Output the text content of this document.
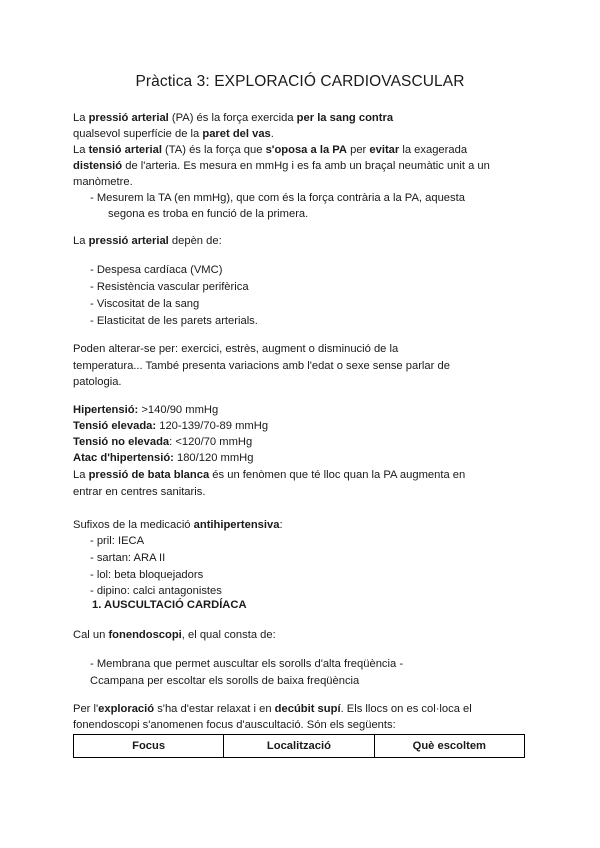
Pràctica 3: EXPLORACIÓ CARDIOVASCULAR
La pressió arterial (PA) és la força exercida per la sang contra
qualsevol superfície de la paret del vas.
La tensió arterial (TA) és la força que s'oposa a la PA per evitar la exagerada
distensió de l'arteria. Es mesura en mmHg i es fa amb un braçal neumàtic unit a un
manòmetre.
- Mesurem la TA (en mmHg), que com és la força contrària a la PA, aquesta
segona es troba en funció de la primera.
La pressió arterial depèn de:
- Despesa cardíaca (VMC)
- Resistència vascular perifèrica
- Viscositat de la sang
- Elasticitat de les parets arterials.
Poden alterar-se per: exercici, estrès, augment o disminució de la
temperatura... També presenta variacions amb l'edat o sexe sense parlar de
patologia.
Hipertensió: >140/90 mmHg
Tensió elevada: 120-139/70-89 mmHg
Tensió no elevada: <120/70 mmHg
Atac d'hipertensió: 180/120 mmHg
La pressió de bata blanca és un fenòmen que té lloc quan la PA augmenta en
entrar en centres sanitaris.
Sufixos de la medicació antihipertensiva:
- pril: IECA
- sartan: ARA II
- lol: beta bloquejadors
- dipino: calci antagonistes
1. AUSCULTACIÓ CARDÍACA
Cal un fonendoscopi, el qual consta de:
- Membrana que permet auscultar els sorolls d'alta freqüència -
Ccampana per escoltar els sorolls de baixa freqüència
Per l'exploració s'ha d'estar relaxat i en decúbit supí. Els llocs on es col·loca el
fonendoscopi s'anomenen focus d'auscultació. Són els següents:
Focus	Localització	Què escoltem
